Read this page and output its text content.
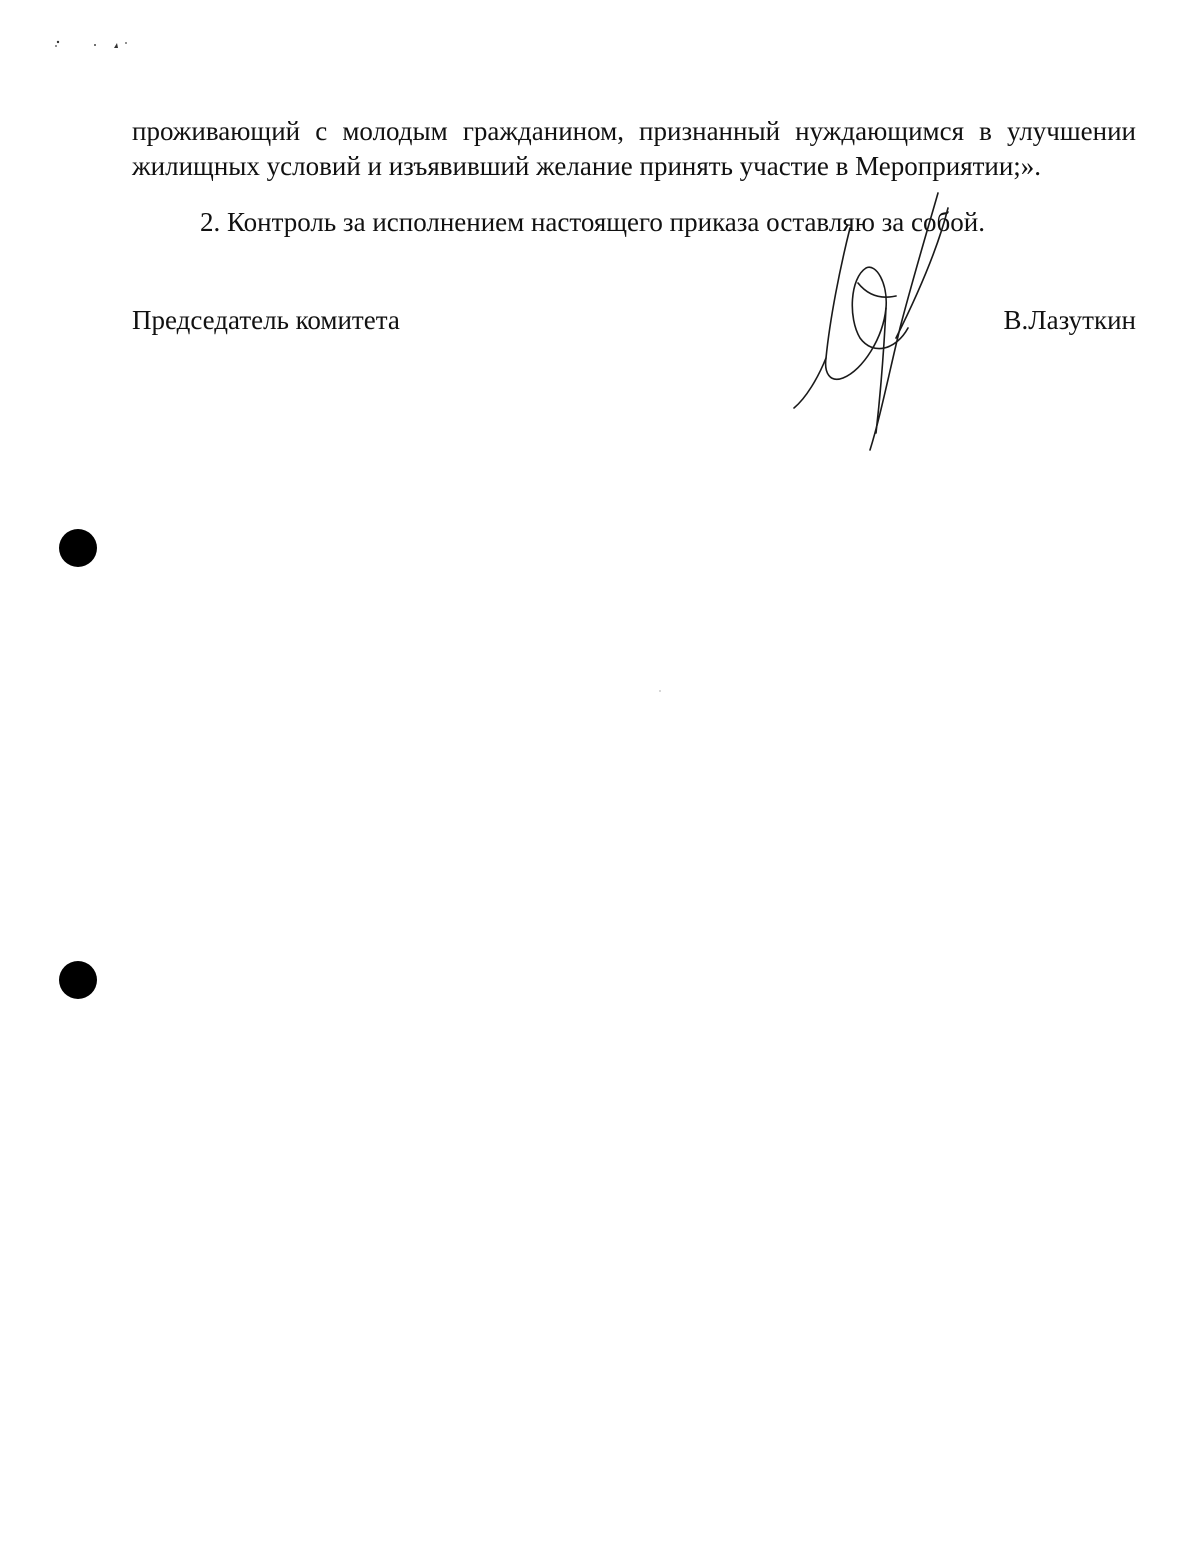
проживающий с молодым гражданином, признанный нуждающимся в улучшении
жилищных условий и изъявивший желание принять участие в Мероприятии;».

2. Контроль за исполнением настоящего приказа оставляю за собой.

Председатель комитета	В.Лазуткин
